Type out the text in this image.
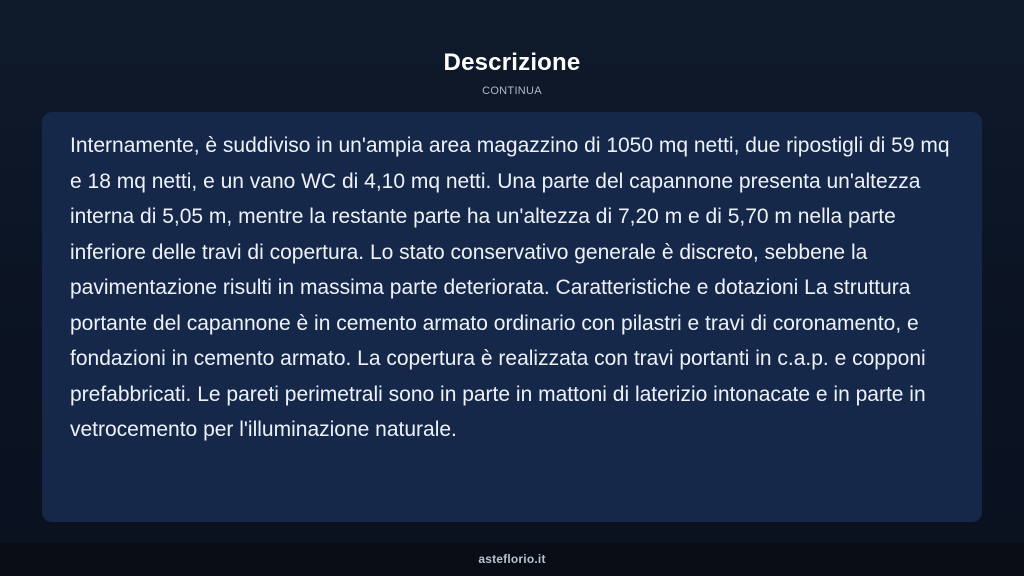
Descrizione
CONTINUA

Internamente, è suddiviso in un'ampia area magazzino di 1050 mq netti, due ripostigli di 59 mq e 18 mq netti, e un vano WC di 4,10 mq netti. Una parte del capannone presenta un'altezza interna di 5,05 m, mentre la restante parte ha un'altezza di 7,20 m e di 5,70 m nella parte inferiore delle travi di copertura. Lo stato conservativo generale è discreto, sebbene la pavimentazione risulti in massima parte deteriorata. Caratteristiche e dotazioni La struttura portante del capannone è in cemento armato ordinario con pilastri e travi di coronamento, e fondazioni in cemento armato. La copertura è realizzata con travi portanti in c.a.p. e copponi prefabbricati. Le pareti perimetrali sono in parte in mattoni di laterizio intonacate e in parte in vetrocemento per l'illuminazione naturale.

asteflorio.it
